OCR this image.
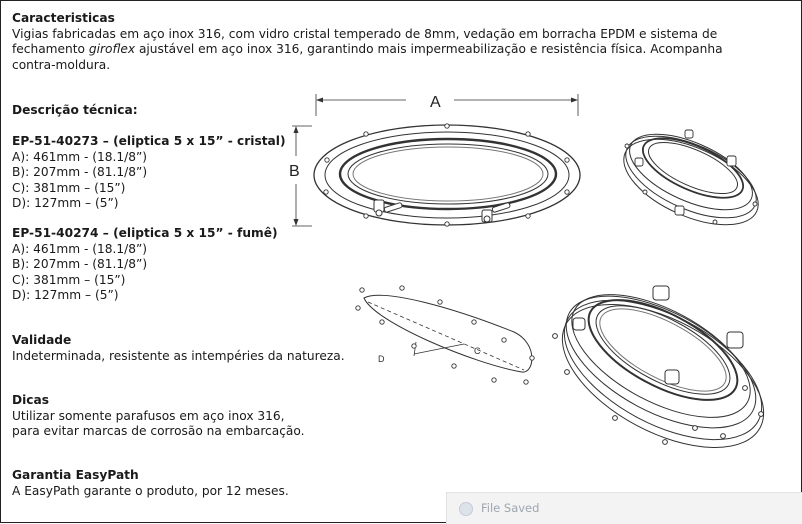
Caracteristicas
Vigias fabricadas em aço inox 316, com vidro cristal temperado de 8mm, vedação em borracha EPDM e sistema de
fechamento giroflex ajustável em aço inox 316, garantindo mais impermeabilização e resistência física. Acompanha
contra-moldura.
Descrição técnica:
EP-51-40273 – (eliptica 5 x 15” - cristal)
A): 461mm - (18.1/8”)
B): 207mm - (81.1/8”)
C): 381mm – (15”)
D): 127mm – (5”)
EP-51-40274 – (eliptica 5 x 15” - fumê)
A): 461mm - (18.1/8”)
B): 207mm - (81.1/8”)
C): 381mm – (15”)
D): 127mm – (5”)
Validade
Indeterminada, resistente as intempéries da natureza.
Dicas
Utilizar somente parafusos em aço inox 316,
para evitar marcas de corrosão na embarcação.
Garantia EasyPath
A EasyPath garante o produto, por 12 meses.
A
B
C
D
File Saved
